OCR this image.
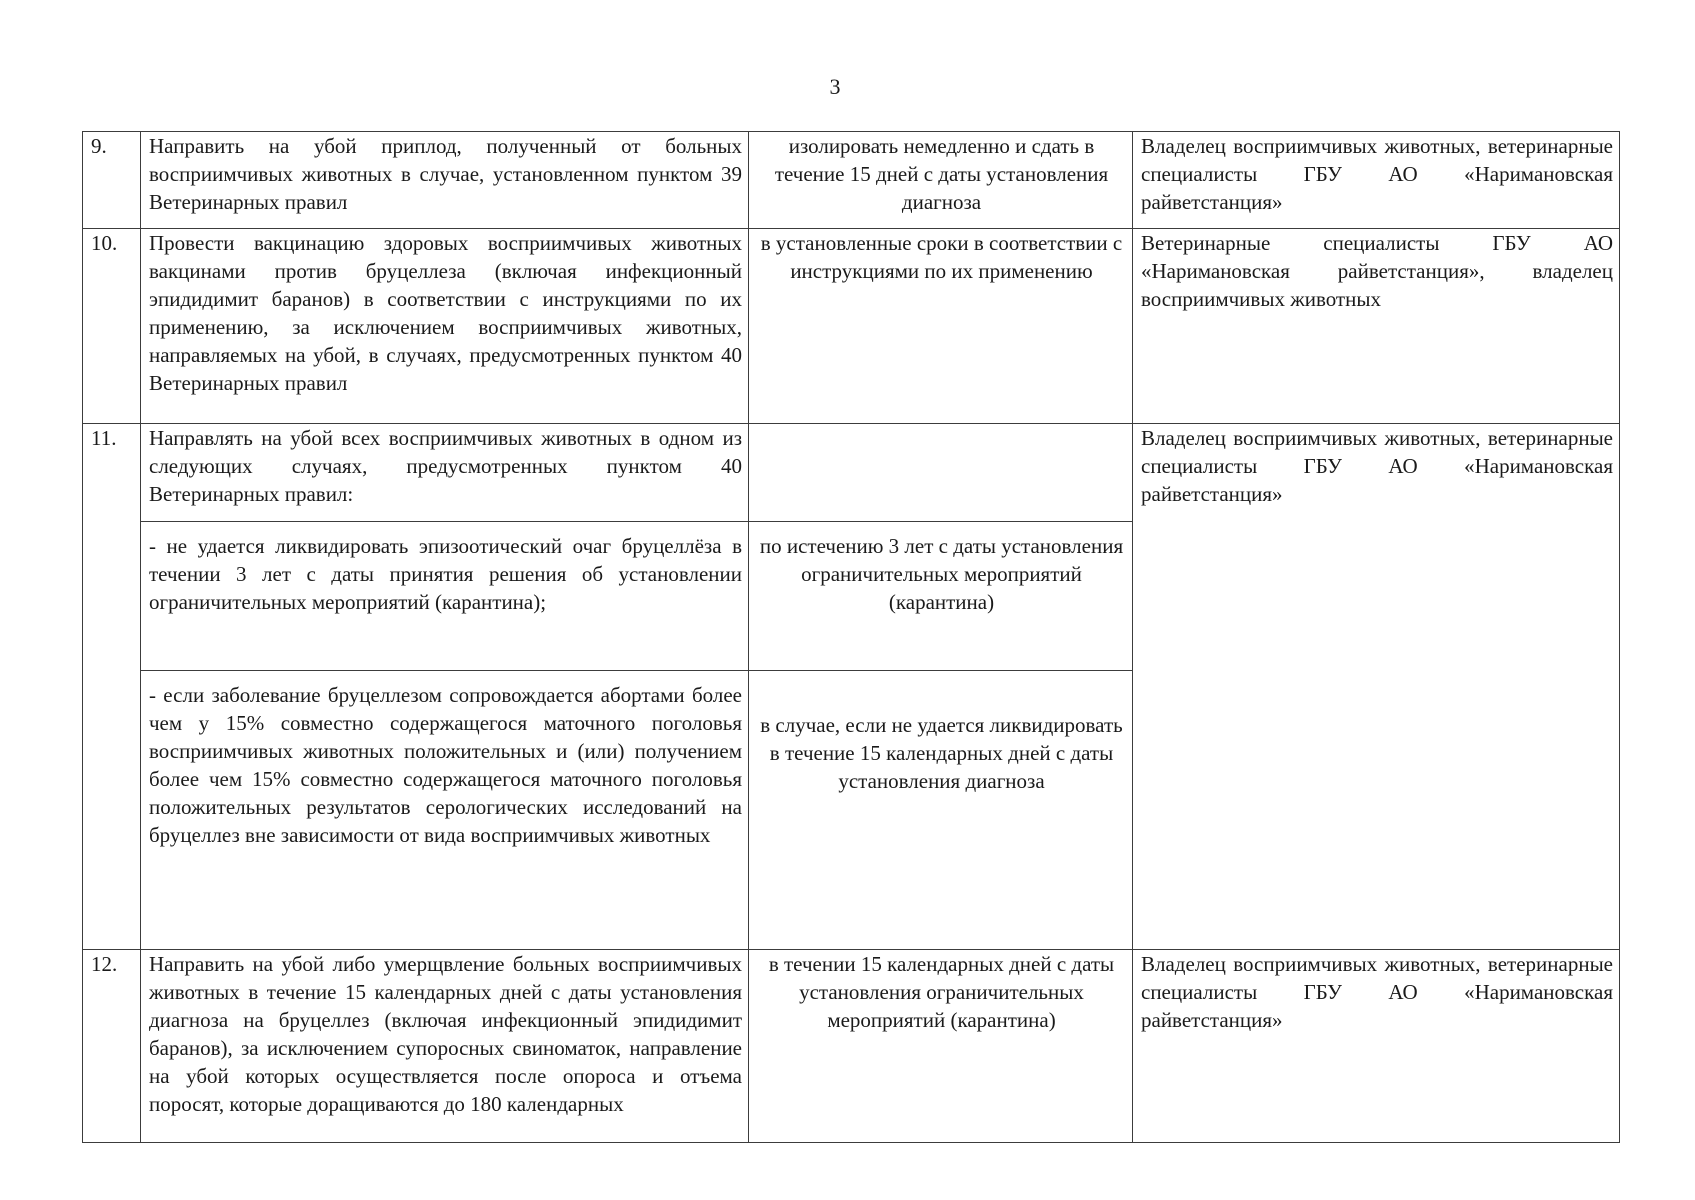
3
9.	Направить на убой приплод, полученный от больных восприимчивых животных в случае, установленном пунктом 39 Ветеринарных правил	изолировать немедленно и сдать в течение 15 дней с даты установления диагноза	Владелец восприимчивых животных, ветеринарные специалисты ГБУ АО «Наримановская райветстанция»
10.	Провести вакцинацию здоровых восприимчивых животных вакцинами против бруцеллеза (включая инфекционный эпидидимит баранов) в соответствии с инструкциями по их применению, за исключением восприимчивых животных, направляемых на убой, в случаях, предусмотренных пунктом 40 Ветеринарных правил	в установленные сроки в соответствии с инструкциями по их применению	Ветеринарные специалисты ГБУ АО «Наримановская райветстанция», владелец восприимчивых животных
11.	Направлять на убой всех восприимчивых животных в одном из следующих случаях, предусмотренных пунктом 40 Ветеринарных правил:		Владелец восприимчивых животных, ветеринарные специалисты ГБУ АО «Наримановская райветстанция»
	- не удается ликвидировать эпизоотический очаг бруцеллёза в течении 3 лет с даты принятия решения об установлении ограничительных мероприятий (карантина);	по истечению 3 лет с даты установления ограничительных мероприятий (карантина)	
	- если заболевание бруцеллезом сопровождается абортами более чем у 15% совместно содержащегося маточного поголовья восприимчивых животных положительных и (или) получением более чем 15% совместно содержащегося маточного поголовья положительных результатов серологических исследований на бруцеллез вне зависимости от вида восприимчивых животных	в случае, если не удается ликвидировать в течение 15 календарных дней с даты установления диагноза	
12.	Направить на убой либо умерщвление больных восприимчивых животных в течение 15 календарных дней с даты установления диагноза на бруцеллез (включая инфекционный эпидидимит баранов), за исключением супоросных свиноматок, направление на убой которых осуществляется после опороса и отъема поросят, которые доращиваются до 180 календарных	в течении 15 календарных дней с даты установления ограничительных мероприятий (карантина)	Владелец восприимчивых животных, ветеринарные специалисты ГБУ АО «Наримановская райветстанция»
